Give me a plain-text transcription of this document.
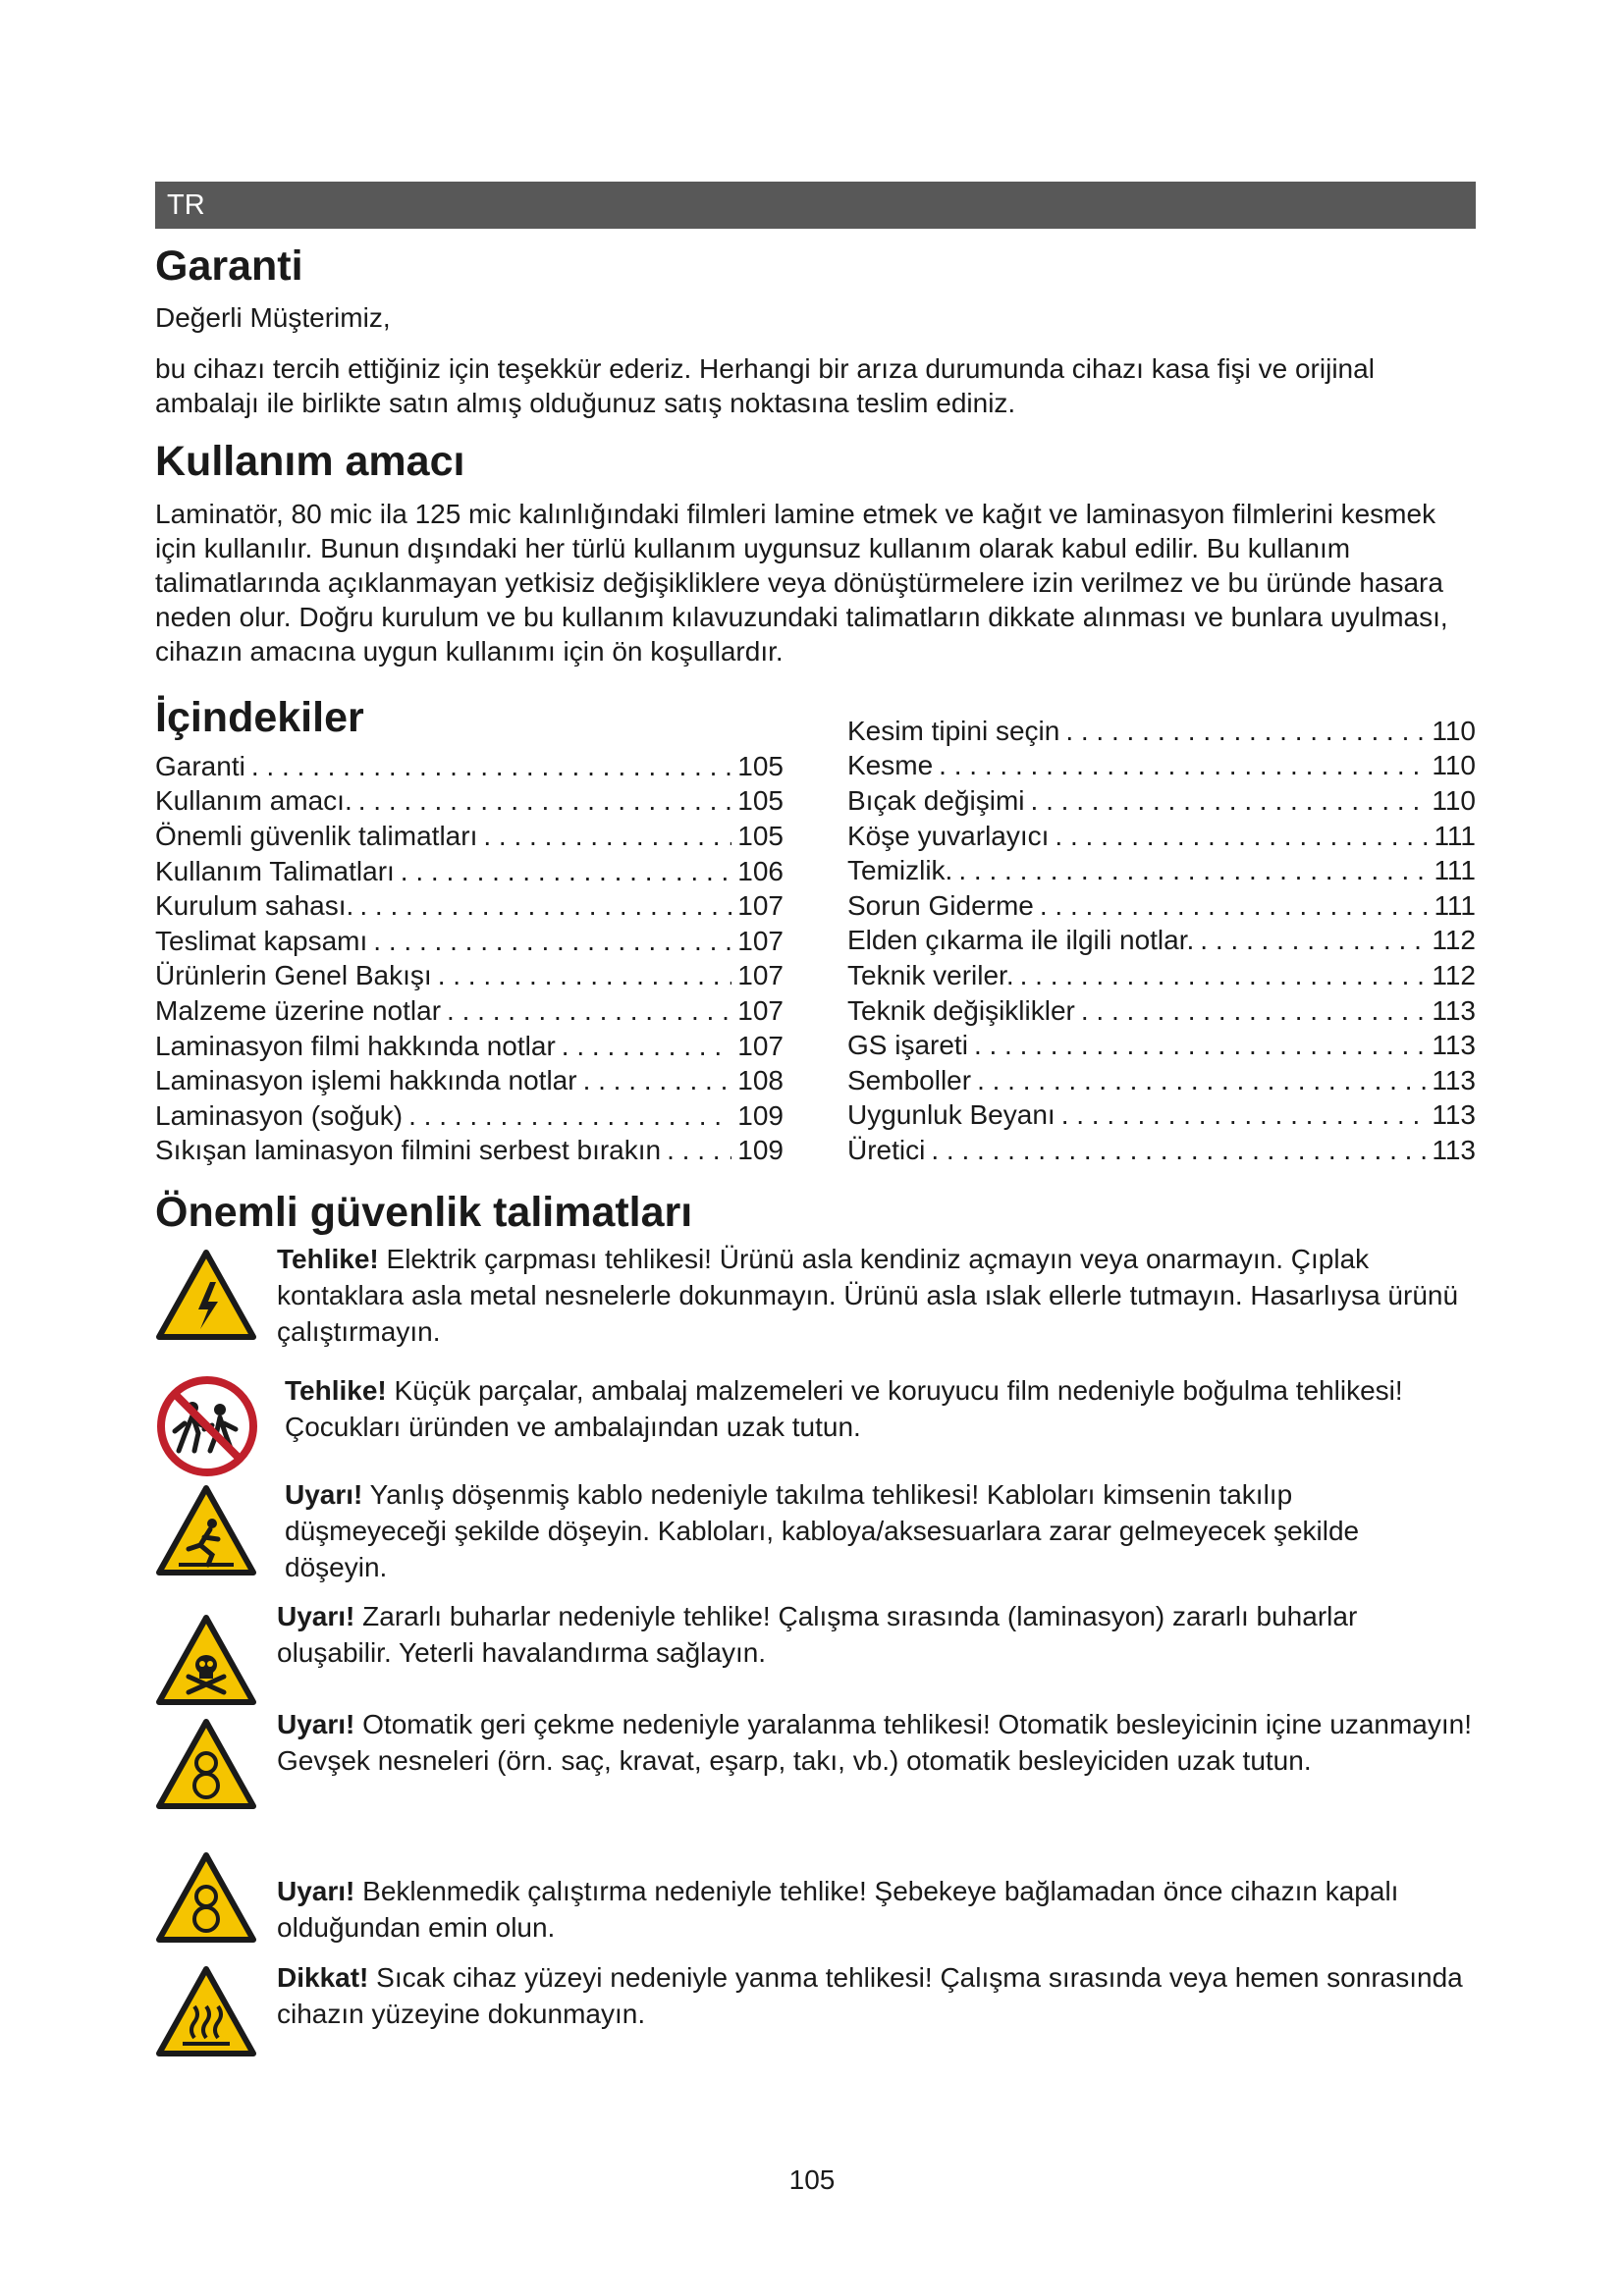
TR
Garanti

Değerli Müşterimiz,

bu cihazı tercih ettiğiniz için teşekkür ederiz. Herhangi bir arıza durumunda cihazı kasa fişi ve orijinal ambalajı ile birlikte satın almış olduğunuz satış noktasına teslim ediniz.

Kullanım amacı

Laminatör, 80 mic ila 125 mic kalınlığındaki filmleri lamine etmek ve kağıt ve laminasyon filmlerini kesmek için kullanılır. Bunun dışındaki her türlü kullanım uygunsuz kullanım olarak kabul edilir. Bu kullanım talimatlarında açıklanmayan yetkisiz değişikliklere veya dönüştürmelere izin verilmez ve bu üründe hasara neden olur. Doğru kurulum ve bu kullanım kılavuzundaki talimatların dikkate alınması ve bunlara uyulması, cihazın amacına uygun kullanımı için ön koşullardır.

İçindekiler
Garanti . . .	105
Kullanım amacı. . . .	105
Önemli güvenlik talimatları . . .	105
Kullanım Talimatları . . .	106
Kurulum sahası. . . .	107
Teslimat kapsamı . . .	107
Ürünlerin Genel Bakışı . . .	107
Malzeme üzerine notlar . . .	107
Laminasyon filmi hakkında notlar . . .	107
Laminasyon işlemi hakkında notlar . . .	108
Laminasyon (soğuk) . . .	109
Sıkışan laminasyon filmini serbest bırakın . . .	109
Kesim tipini seçin . . .	110
Kesme . . .	110
Bıçak değişimi . . .	110
Köşe yuvarlayıcı . . .	111
Temizlik. . . .	111
Sorun Giderme . . .	111
Elden çıkarma ile ilgili notlar. . . .	112
Teknik veriler. . . .	112
Teknik değişiklikler . . .	113
GS işareti . . .	113
Semboller . . .	113
Uygunluk Beyanı . . .	113
Üretici . . .	113
Önemli güvenlik talimatları
Tehlike! Elektrik çarpması tehlikesi! Ürünü asla kendiniz açmayın veya onarmayın. Çıplak kontaklara asla metal nesnelerle dokunmayın. Ürünü asla ıslak ellerle tutmayın. Hasarlıysa ürünü çalıştırmayın.
Tehlike! Küçük parçalar, ambalaj malzemeleri ve koruyucu film nedeniyle boğulma tehlikesi! Çocukları üründen ve ambalajından uzak tutun.
Uyarı! Yanlış döşenmiş kablo nedeniyle takılma tehlikesi! Kabloları kimsenin takılıp düşmeyeceği şekilde döşeyin. Kabloları, kabloya/aksesuarlara zarar gelmeyecek şekilde döşeyin.
Uyarı! Zararlı buharlar nedeniyle tehlike! Çalışma sırasında (laminasyon) zararlı buharlar oluşabilir. Yeterli havalandırma sağlayın.
Uyarı! Otomatik geri çekme nedeniyle yaralanma tehlikesi! Otomatik besleyicinin içine uzanmayın! Gevşek nesneleri (örn. saç, kravat, eşarp, takı, vb.) otomatik besleyiciden uzak tutun.
Uyarı! Beklenmedik çalıştırma nedeniyle tehlike! Şebekeye bağlamadan önce cihazın kapalı olduğundan emin olun.
Dikkat! Sıcak cihaz yüzeyi nedeniyle yanma tehlikesi! Çalışma sırasında veya hemen sonrasında cihazın yüzeyine dokunmayın.
105
